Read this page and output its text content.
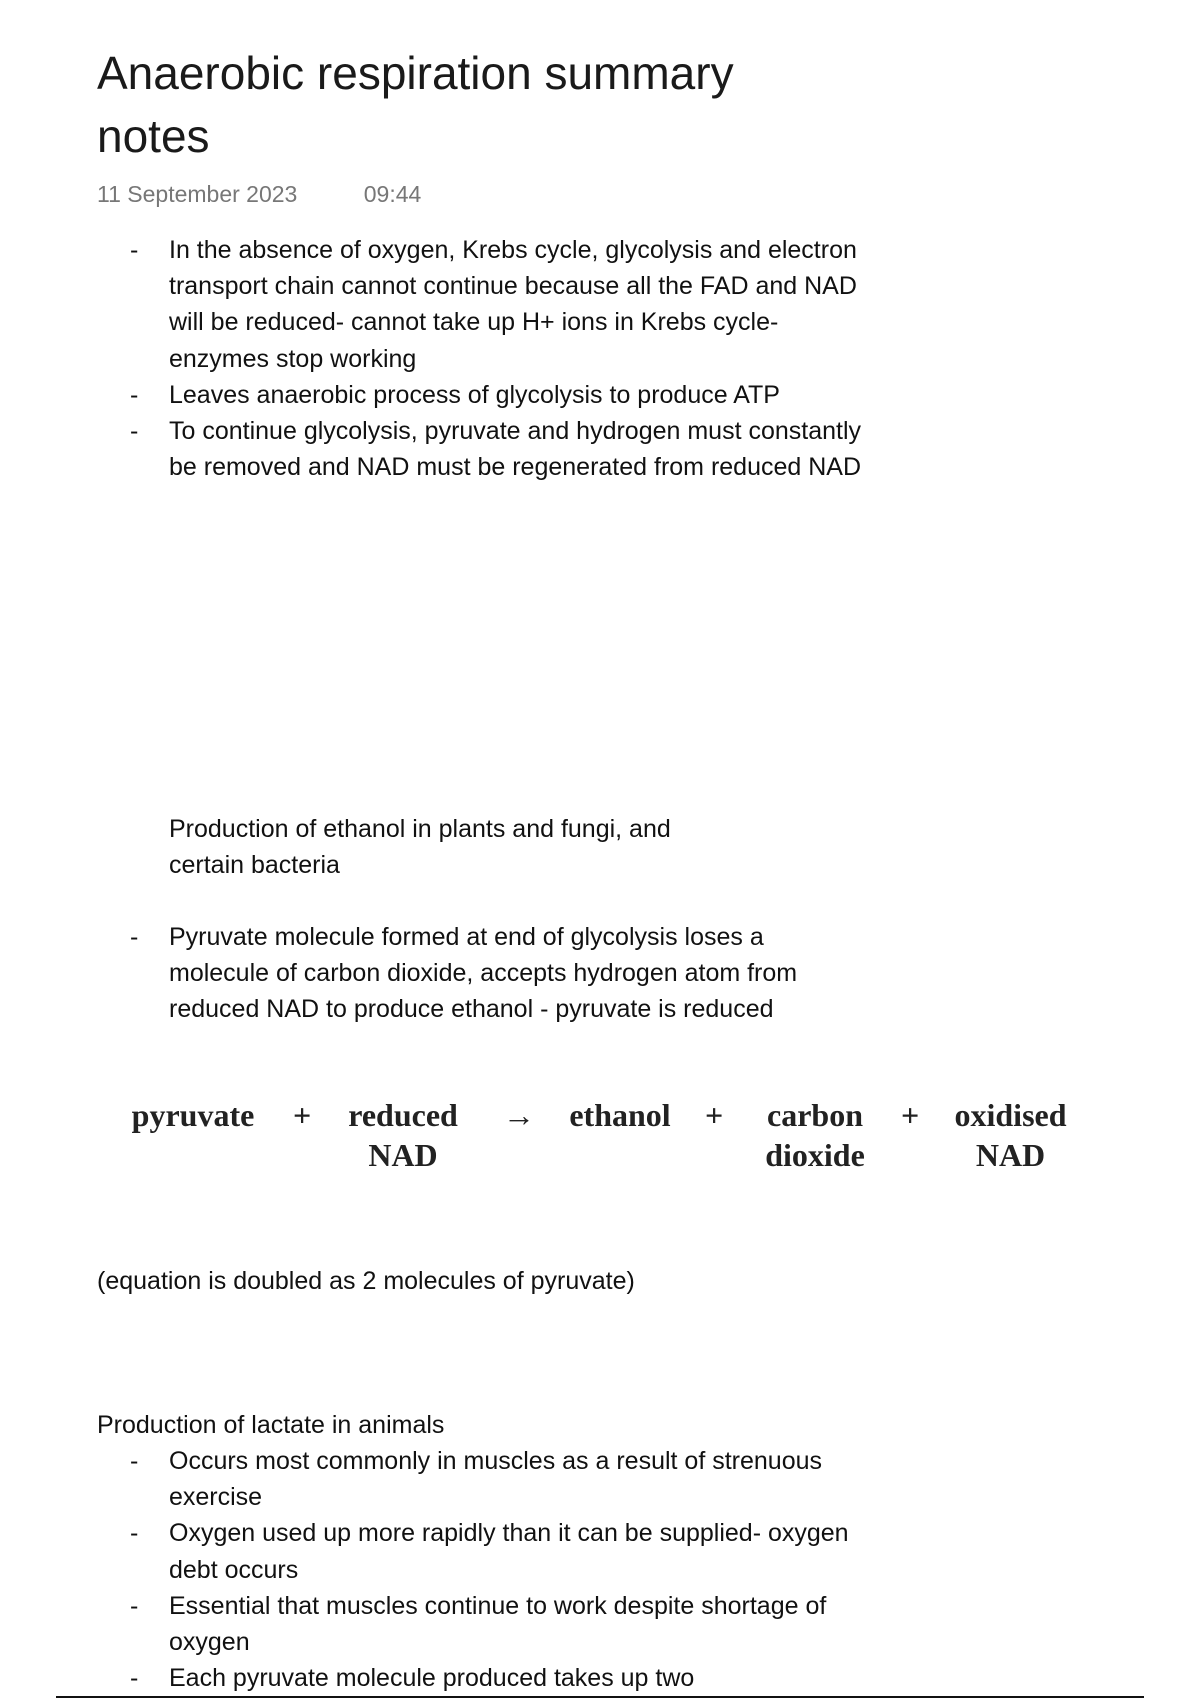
Anaerobic respiration summary notes
11 September 2023	09:44
- In the absence of oxygen, Krebs cycle, glycolysis and electron transport chain cannot continue because all the FAD and NAD will be reduced- cannot take up H+ ions in Krebs cycle- enzymes stop working
- Leaves anaerobic process of glycolysis to produce ATP
- To continue glycolysis, pyruvate and hydrogen must constantly be removed and NAD must be regenerated from reduced NAD
Production of ethanol in plants and fungi, and certain bacteria
- Pyruvate molecule formed at end of glycolysis loses a molecule of carbon dioxide, accepts hydrogen atom from reduced NAD to produce ethanol - pyruvate is reduced
pyruvate	+	reduced
NAD
→	ethanol	+	carbon
dioxide
+	oxidised
NAD
(equation is doubled as 2 molecules of pyruvate)
Production of lactate in animals
- Occurs most commonly in muscles as a result of strenuous exercise
- Oxygen used up more rapidly than it can be supplied- oxygen debt occurs
- Essential that muscles continue to work despite shortage of oxygen
- Each pyruvate molecule produced takes up two
